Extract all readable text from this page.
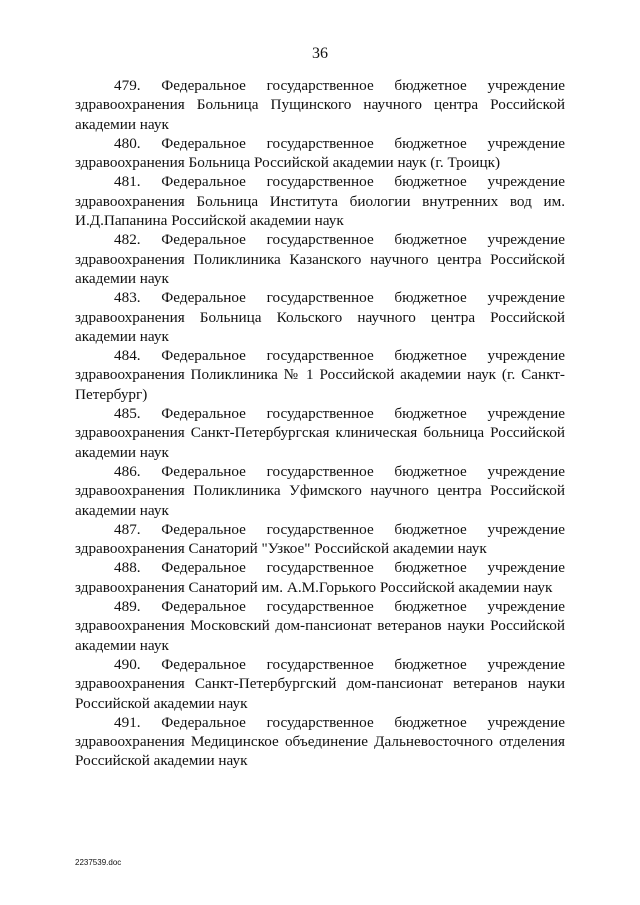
36

479. Федеральное государственное бюджетное учреждение здравоохранения Больница Пущинского научного центра Российской академии наук

480. Федеральное государственное бюджетное учреждение здравоохранения Больница Российской академии наук (г. Троицк)

481. Федеральное государственное бюджетное учреждение здравоохранения Больница Института биологии внутренних вод им. И.Д.Папанина Российской академии наук

482. Федеральное государственное бюджетное учреждение здравоохранения Поликлиника Казанского научного центра Российской академии наук

483. Федеральное государственное бюджетное учреждение здравоохранения Больница Кольского научного центра Российской академии наук

484. Федеральное государственное бюджетное учреждение здравоохранения Поликлиника № 1 Российской академии наук (г. Санкт-Петербург)

485. Федеральное государственное бюджетное учреждение здравоохранения Санкт-Петербургская клиническая больница Российской академии наук

486. Федеральное государственное бюджетное учреждение здравоохранения Поликлиника Уфимского научного центра Российской академии наук

487. Федеральное государственное бюджетное учреждение здравоохранения Санаторий "Узкое" Российской академии наук

488. Федеральное государственное бюджетное учреждение здравоохранения Санаторий им. А.М.Горького Российской академии наук

489. Федеральное государственное бюджетное учреждение здравоохранения Московский дом-пансионат ветеранов науки Российской академии наук

490. Федеральное государственное бюджетное учреждение здравоохранения Санкт-Петербургский дом-пансионат ветеранов науки Российской академии наук

491. Федеральное государственное бюджетное учреждение здравоохранения Медицинское объединение Дальневосточного отделения Российской академии наук

2237539.doc
